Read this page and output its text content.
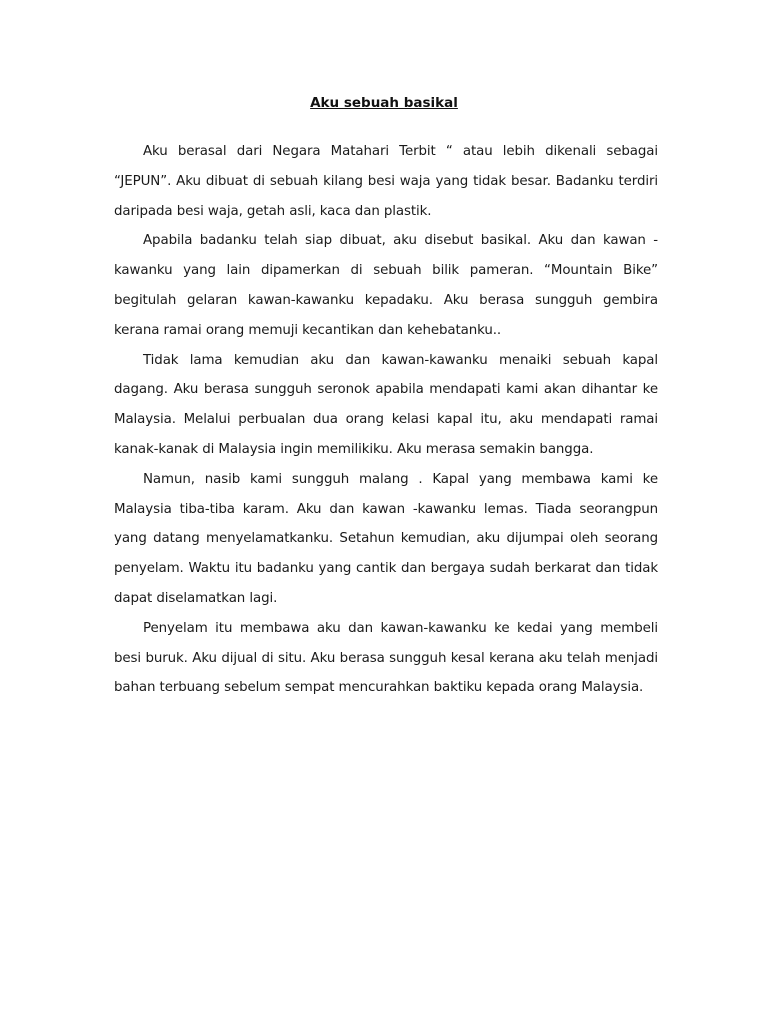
Aku sebuah basikal

Aku berasal dari Negara Matahari Terbit “ atau lebih dikenali sebagai “JEPUN”. Aku dibuat di sebuah kilang besi waja yang tidak besar. Badanku terdiri daripada besi waja, getah asli, kaca dan plastik.

Apabila badanku telah siap dibuat, aku disebut basikal. Aku dan kawan -kawanku yang lain dipamerkan di sebuah bilik pameran. “Mountain Bike” begitulah gelaran kawan-kawanku kepadaku. Aku berasa sungguh gembira kerana ramai orang memuji kecantikan dan kehebatanku..

Tidak lama kemudian aku dan kawan-kawanku menaiki sebuah kapal dagang. Aku berasa sungguh seronok apabila mendapati kami akan dihantar ke Malaysia. Melalui perbualan dua orang kelasi kapal itu, aku mendapati ramai kanak-kanak di Malaysia ingin memilikiku. Aku merasa semakin bangga.

Namun, nasib kami sungguh malang . Kapal yang membawa kami ke Malaysia tiba-tiba karam. Aku dan kawan -kawanku lemas. Tiada seorangpun yang datang menyelamatkanku. Setahun kemudian, aku dijumpai oleh seorang penyelam. Waktu itu badanku yang cantik dan bergaya sudah berkarat dan tidak dapat diselamatkan lagi.

Penyelam itu membawa aku dan kawan-kawanku ke kedai yang membeli besi buruk. Aku dijual di situ. Aku berasa sungguh kesal kerana aku telah menjadi bahan terbuang sebelum sempat mencurahkan baktiku kepada orang Malaysia.
